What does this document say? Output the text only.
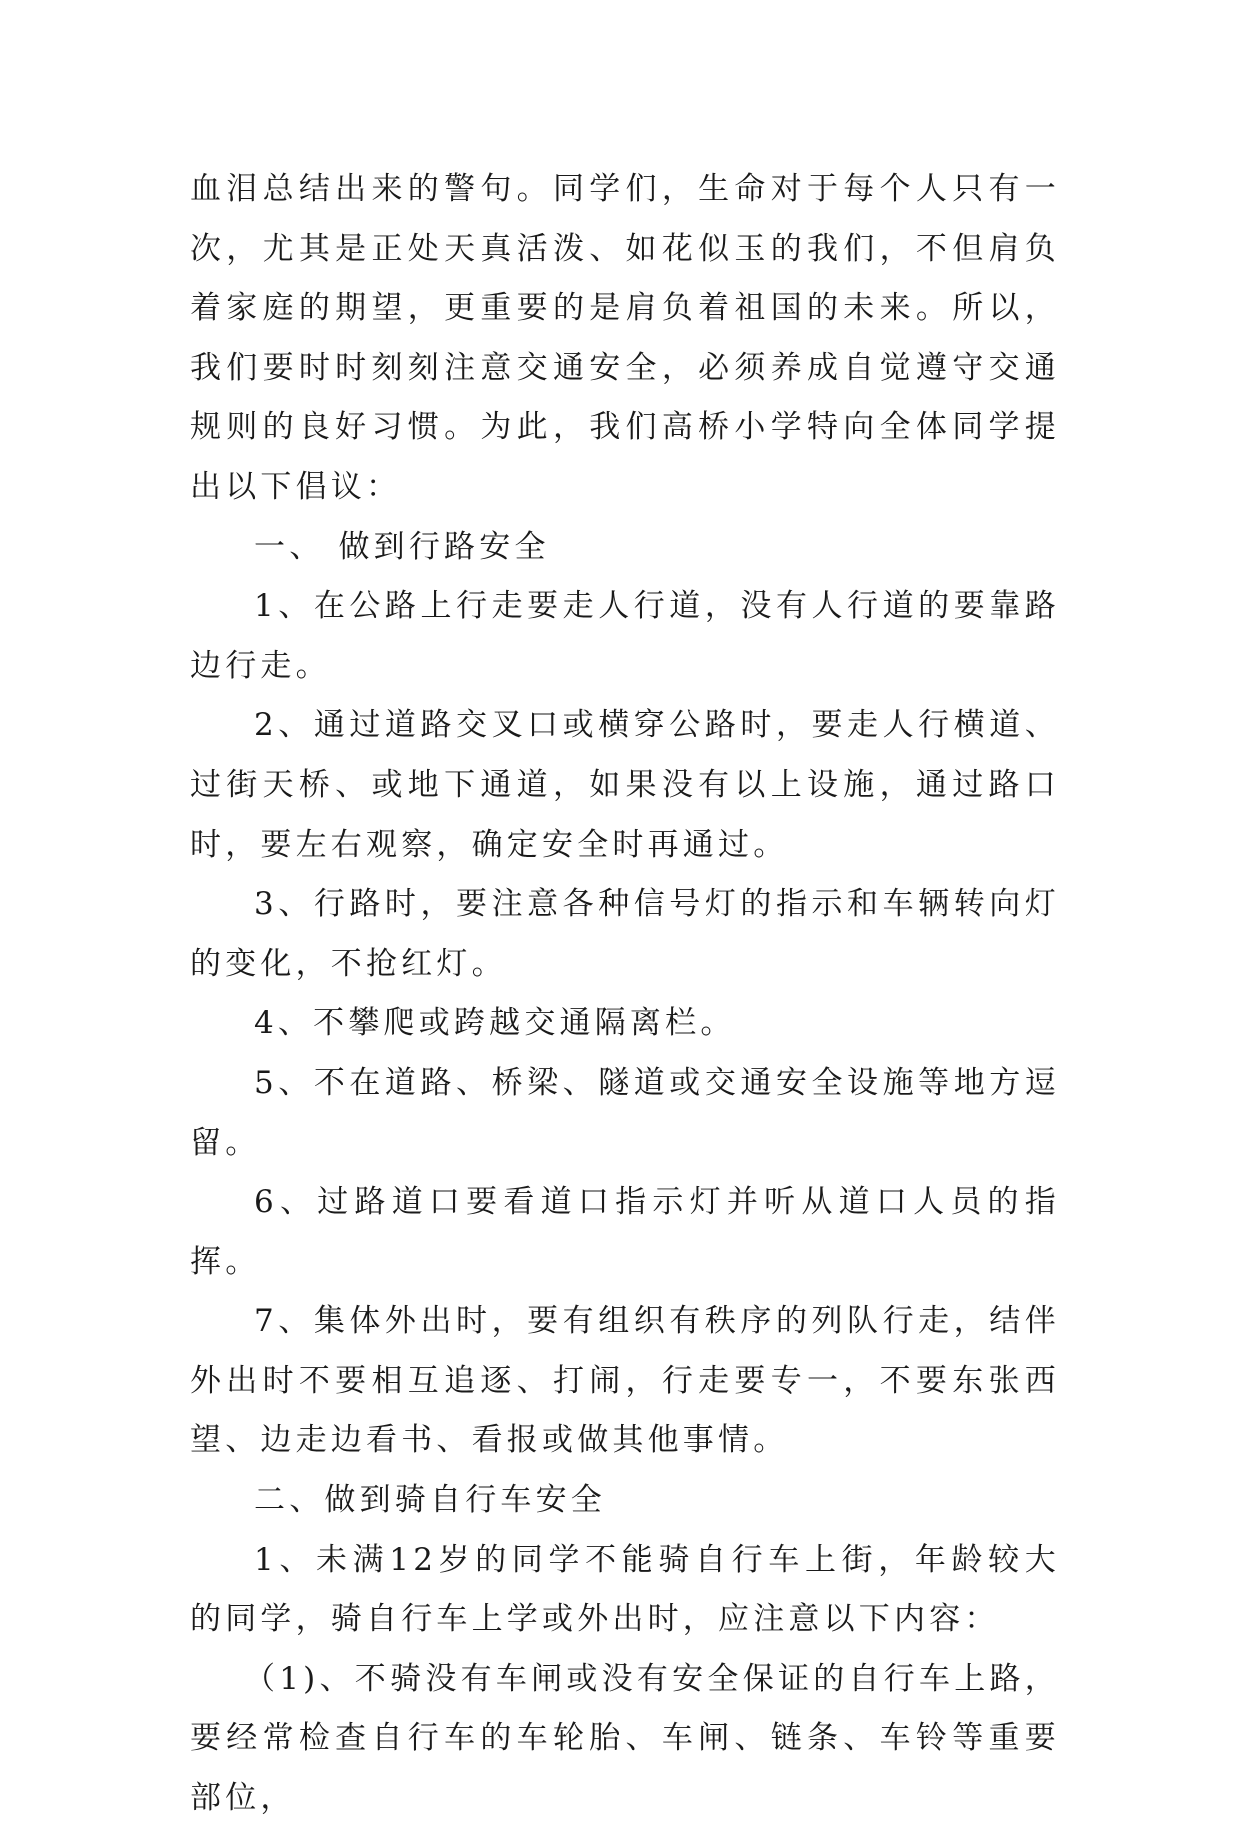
血泪总结出来的警句。同学们，生命对于每个人只有一次，尤其是正处天真活泼、如花似玉的我们，不但肩负着家庭的期望，更重要的是肩负着祖国的未来。所以，我们要时时刻刻注意交通安全，必须养成自觉遵守交通规则的良好习惯。为此，我们高桥小学特向全体同学提出以下倡议：

一、 做到行路安全

1、在公路上行走要走人行道，没有人行道的要靠路边行走。

2、通过道路交叉口或横穿公路时，要走人行横道、过街天桥、或地下通道，如果没有以上设施，通过路口时，要左右观察，确定安全时再通过。

3、行路时，要注意各种信号灯的指示和车辆转向灯的变化，不抢红灯。

4、不攀爬或跨越交通隔离栏。

5、不在道路、桥梁、隧道或交通安全设施等地方逗留。

6、过路道口要看道口指示灯并听从道口人员的指挥。

7、集体外出时，要有组织有秩序的列队行走，结伴外出时不要相互追逐、打闹，行走要专一，不要东张西望、边走边看书、看报或做其他事情。

二、做到骑自行车安全

1、未满12岁的同学不能骑自行车上街，年龄较大的同学，骑自行车上学或外出时，应注意以下内容：

（1)、不骑没有车闸或没有安全保证的自行车上路，要经常检查自行车的车轮胎、车闸、链条、车铃等重要部位，
